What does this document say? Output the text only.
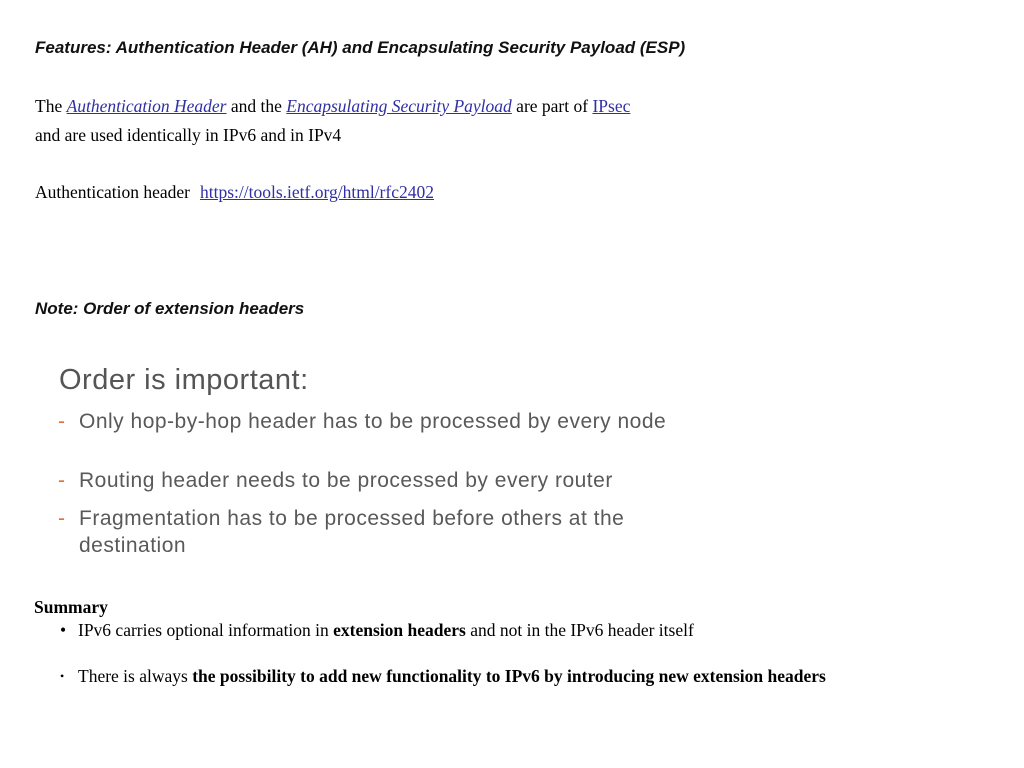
Features: Authentication Header (AH) and Encapsulating Security Payload (ESP)
The Authentication Header and the Encapsulating Security Payload are part of IPsec
and are used identically in IPv6 and in IPv4
Authentication header https://tools.ietf.org/html/rfc2402
Note: Order of extension headers
Order is important:
- Only hop-by-hop header has to be processed by every node
- Routing header needs to be processed by every router
- Fragmentation has to be processed before others at the destination
Summary
• IPv6 carries optional information in extension headers and not in the IPv6 header itself
• There is always the possibility to add new functionality to IPv6 by introducing new extension headers
